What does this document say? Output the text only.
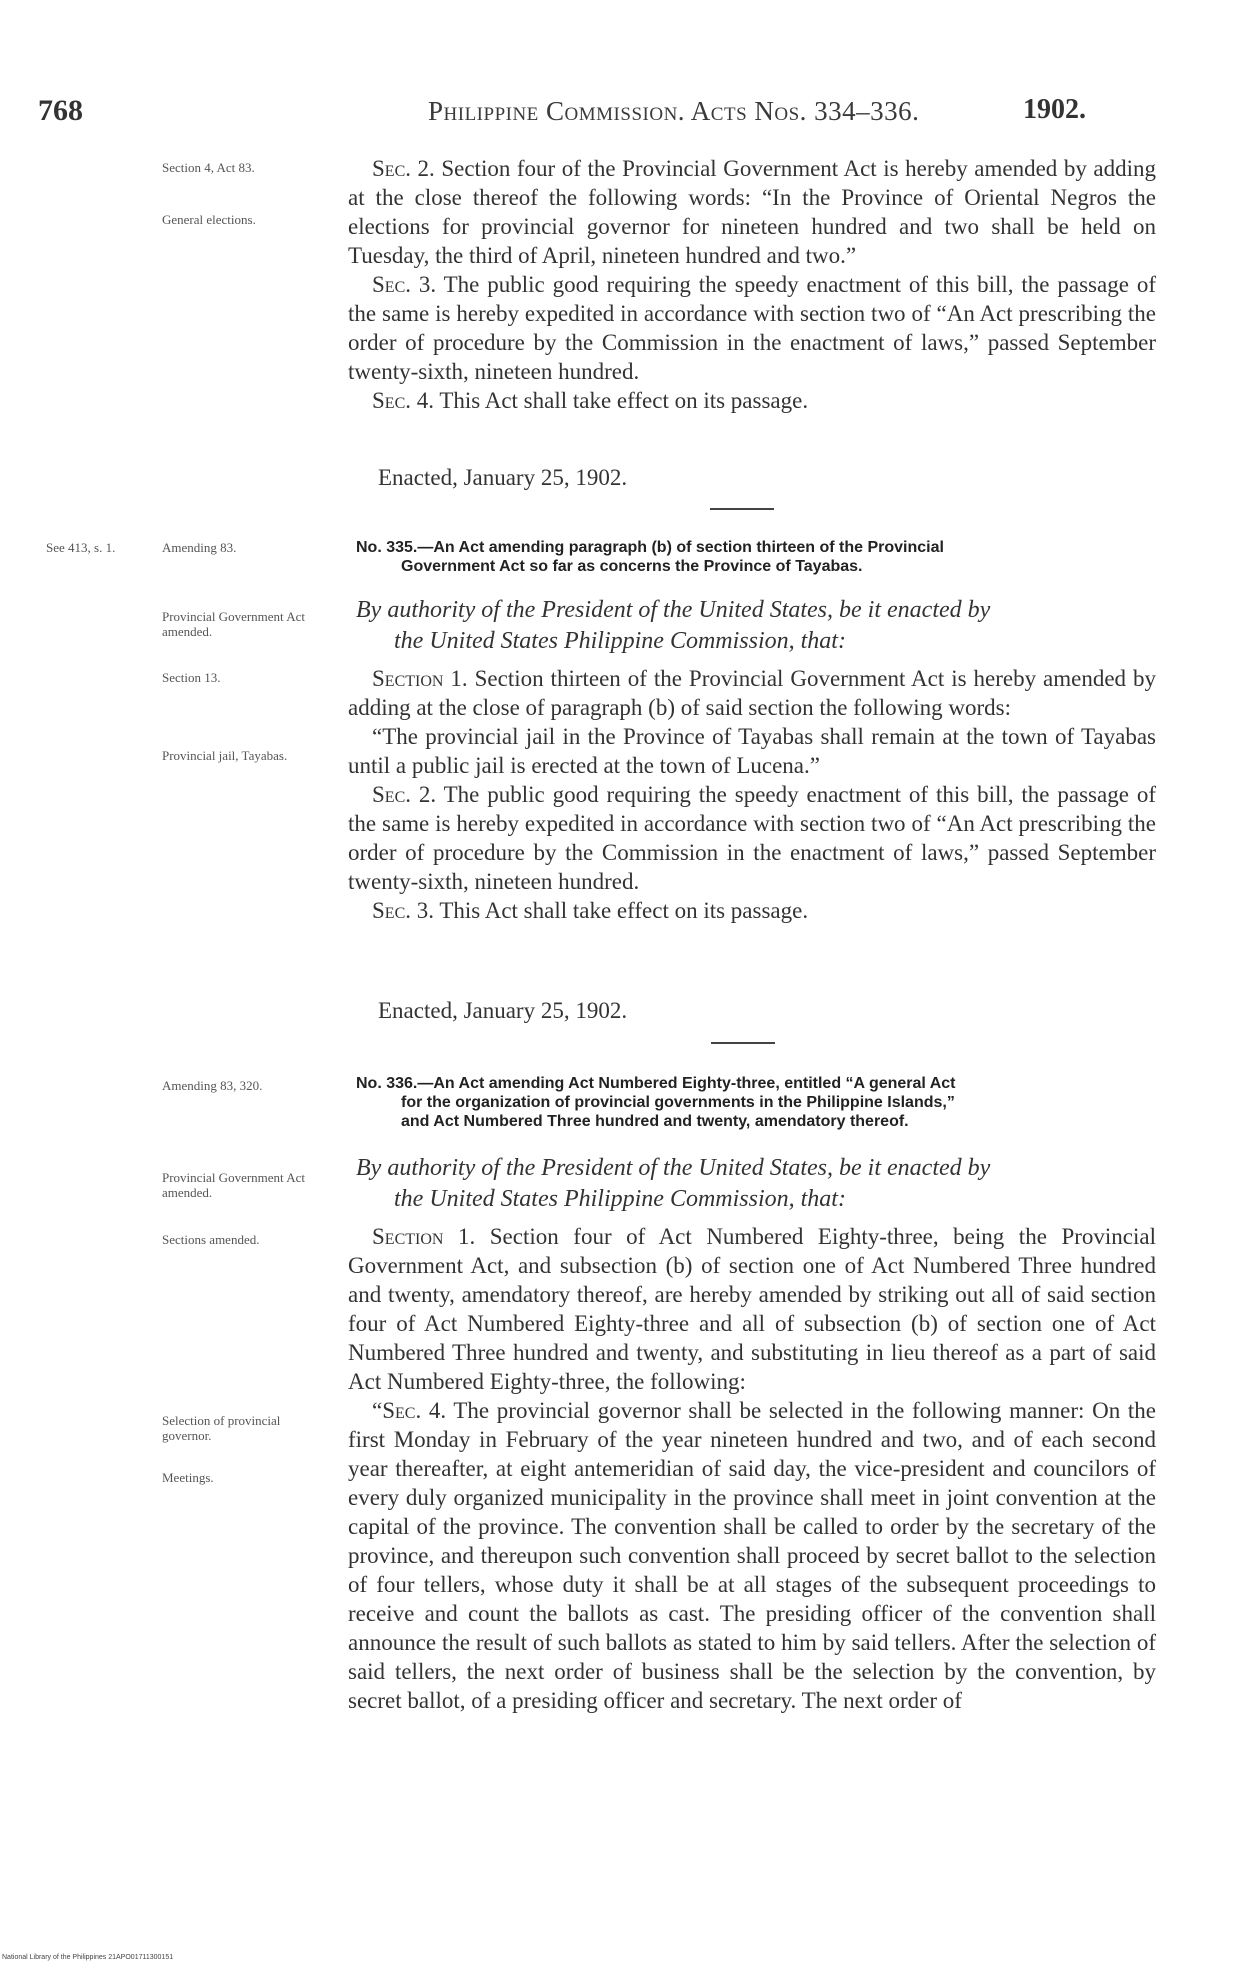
768	Philippine Commission. Acts Nos. 334–336.	1902.
Section 4, Act 83.
General elections.

Sec. 2. Section four of the Provincial Government Act is hereby amended by adding at the close thereof the following words: “In the Province of Oriental Negros the elections for provincial governor for nineteen hundred and two shall be held on Tuesday, the third of April, nineteen hundred and two.”

Sec. 3. The public good requiring the speedy enactment of this bill, the passage of the same is hereby expedited in accordance with section two of “An Act prescribing the order of procedure by the Commission in the enactment of laws,” passed September twenty-sixth, nineteen hundred.

Sec. 4. This Act shall take effect on its passage.

Enacted, January 25, 1902.
See 413, s. 1.	Amending 83.	No. 335.—An Act amending paragraph (b) of section thirteen of the Provincial
Government Act so far as concerns the Province of Tayabas.
Provincial Government Act amended.
By authority of the President of the United States, be it enacted by
the United States Philippine Commission, that:
Section 13.
Provincial jail, Tayabas.

Section 1. Section thirteen of the Provincial Government Act is hereby amended by adding at the close of paragraph (b) of said section the following words:

“The provincial jail in the Province of Tayabas shall remain at the town of Tayabas until a public jail is erected at the town of Lucena.”

Sec. 2. The public good requiring the speedy enactment of this bill, the passage of the same is hereby expedited in accordance with section two of “An Act prescribing the order of procedure by the Commission in the enactment of laws,” passed September twenty-sixth, nineteen hundred.

Sec. 3. This Act shall take effect on its passage.

Enacted, January 25, 1902.
Amending 83, 320.	No. 336.—An Act amending Act Numbered Eighty-three, entitled “A general Act
for the organization of provincial governments in the Philippine Islands,”
and Act Numbered Three hundred and twenty, amendatory thereof.
Provincial Government Act amended.
By authority of the President of the United States, be it enacted by
the United States Philippine Commission, that:
Sections amended.
Selection of provincial governor.
Meetings.

Section 1. Section four of Act Numbered Eighty-three, being the Provincial Government Act, and subsection (b) of section one of Act Numbered Three hundred and twenty, amendatory thereof, are hereby amended by striking out all of said section four of Act Numbered Eighty-three and all of subsection (b) of section one of Act Numbered Three hundred and twenty, and substituting in lieu thereof as a part of said Act Numbered Eighty-three, the following:

“Sec. 4. The provincial governor shall be selected in the following manner: On the first Monday in February of the year nineteen hundred and two, and of each second year thereafter, at eight antemeridian of said day, the vice-president and councilors of every duly organized municipality in the province shall meet in joint convention at the capital of the province. The convention shall be called to order by the secretary of the province, and thereupon such convention shall proceed by secret ballot to the selection of four tellers, whose duty it shall be at all stages of the subsequent proceedings to receive and count the ballots as cast. The presiding officer of the convention shall announce the result of such ballots as stated to him by said tellers. After the selection of said tellers, the next order of business shall be the selection by the convention, by secret ballot, of a presiding officer and secretary. The next order of

National Library of the Philippines 21APO01711300151
